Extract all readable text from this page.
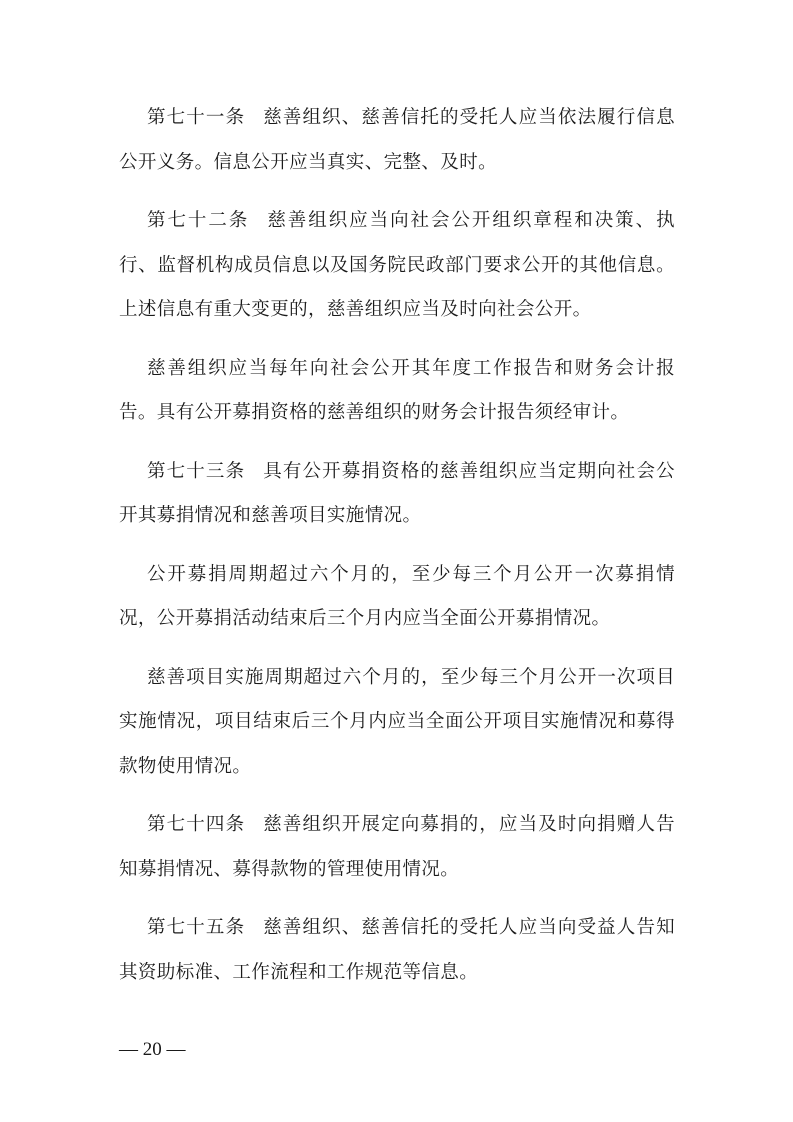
第七十一条 慈善组织、慈善信托的受托人应当依法履行信息公开义务。信息公开应当真实、完整、及时。

第七十二条 慈善组织应当向社会公开组织章程和决策、执行、监督机构成员信息以及国务院民政部门要求公开的其他信息。上述信息有重大变更的，慈善组织应当及时向社会公开。

慈善组织应当每年向社会公开其年度工作报告和财务会计报告。具有公开募捐资格的慈善组织的财务会计报告须经审计。

第七十三条 具有公开募捐资格的慈善组织应当定期向社会公开其募捐情况和慈善项目实施情况。

公开募捐周期超过六个月的，至少每三个月公开一次募捐情况，公开募捐活动结束后三个月内应当全面公开募捐情况。

慈善项目实施周期超过六个月的，至少每三个月公开一次项目实施情况，项目结束后三个月内应当全面公开项目实施情况和募得款物使用情况。

第七十四条 慈善组织开展定向募捐的，应当及时向捐赠人告知募捐情况、募得款物的管理使用情况。

第七十五条 慈善组织、慈善信托的受托人应当向受益人告知其资助标准、工作流程和工作规范等信息。

— 20 —
